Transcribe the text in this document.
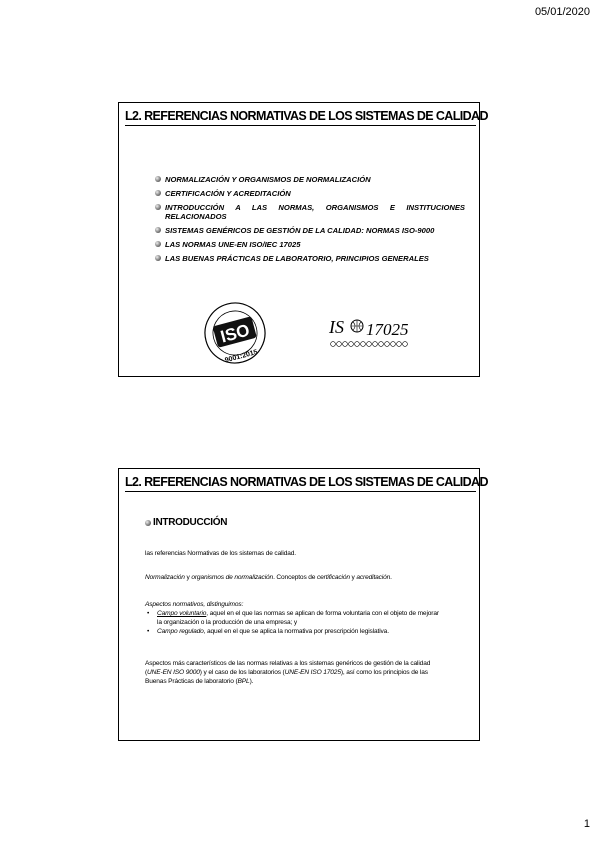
05/01/2020
L2. REFERENCIAS NORMATIVAS DE LOS SISTEMAS DE CALIDAD
NORMALIZACIÓN Y ORGANISMOS DE NORMALIZACIÓN
CERTIFICACIÓN Y ACREDITACIÓN
INTRODUCCIÓN A LAS NORMAS, ORGANISMOS E INSTITUCIONES RELACIONADOS
SISTEMAS GENÉRICOS DE GESTIÓN DE LA CALIDAD: NORMAS ISO-9000
LAS NORMAS UNE-EN ISO/IEC 17025
LAS BUENAS PRÁCTICAS DE LABORATORIO, PRINCIPIOS GENERALES
ISO
9001:2015
IS 17025
L2. REFERENCIAS NORMATIVAS DE LOS SISTEMAS DE CALIDAD
INTRODUCCIÓN
las referencias Normativas de los sistemas de calidad.
Normalización y organismos de normalización. Conceptos de certificación y acreditación.
Aspectos normativos, distinguimos:
• Campo voluntario, aquel en el que las normas se aplican de forma voluntaria con el objeto de mejorar la organización o la producción de una empresa; y
• Campo regulado, aquel en el que se aplica la normativa por prescripción legislativa.
Aspectos más característicos de las normas relativas a los sistemas genéricos de gestión de la calidad (UNE-EN ISO 9000) y el caso de los laboratorios (UNE-EN ISO 17025), así como los principios de las Buenas Prácticas de laboratorio (BPL).
1
